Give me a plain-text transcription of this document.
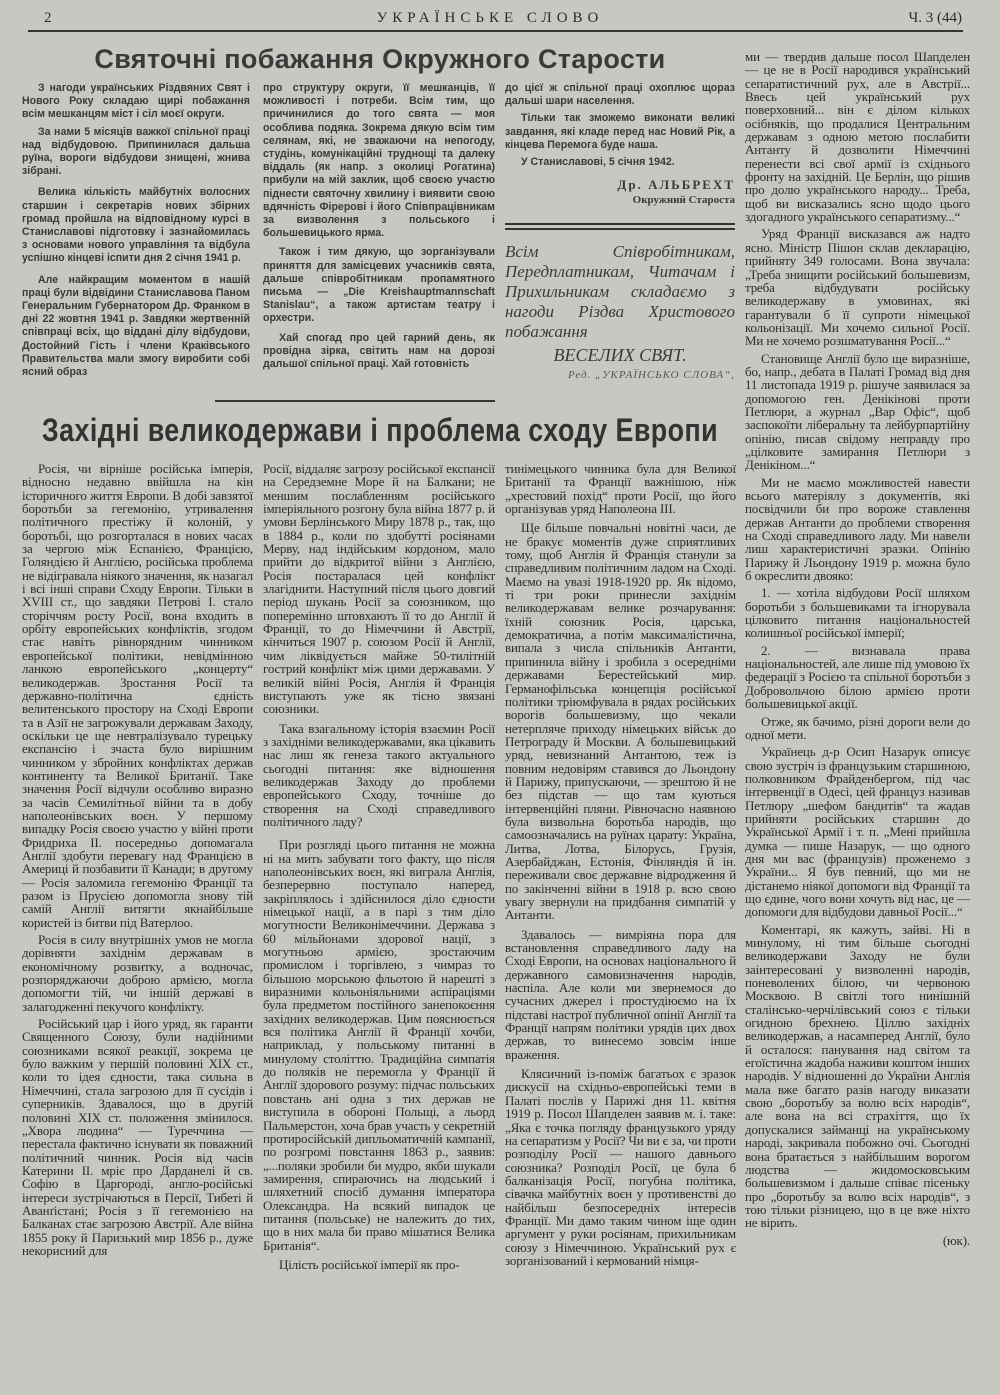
2	УКРАЇНСЬКЕ СЛОВО	Ч. 3 (44)
Святочні побажання Окружного Старости

З нагоди українських Різдвяних Свят і Нового Року складаю щирі побажання всім мешканцям міст і сіл моєї округи.

За нами 5 місяців важкої спільної праці над відбудовою. Припинилася дальша руїна, вороги відбудови знищені, жнива зібрані.

Велика кількість майбутніх волосних старшин і секретарів нових збірних громад пройшла на відповідному курсі в Станиславові підготовку і зазнайомилась з основами нового управління та відбула успішно кінцеві іспити дня 2 січня 1941 р.

Але найкращим моментом в нашій праці були відвідини Станиславова Паном Генеральним Губернатором Др. Франком в дні 22 жовтня 1941 р. Завдяки жертвенній співпраці всіх, що віддані ділу відбудови, Достойний Гість і члени Краківського Правительства мали змогу виробити собі ясний образ

про структуру округи, її мешканців, її можливості і потреби. Всім тим, що причинилися до того свята — моя особлива подяка. Зокрема дякую всім тим селянам, які, не зважаючи на непогоду, студінь, комунікаційні труднощі та далеку віддаль (як напр. з околиці Рогатина) прибули на мій заклик, щоб своєю участю піднести святочну хвилину і виявити свою вдячність Фірерові і його Співпрацівникам за визволення з польського і большевицького ярма.

Також і тим дякую, що зорганізували приняття для замісцевих учасників свята, дальше співробітникам пропамятного письма — „Die Kreishauptmannschaft Stanislau“, а також артистам театру і орхестри.

Хай спогад про цей гарний день, як провідна зірка, світить нам на дорозі дальшої спільної праці. Хай готовність

до цієї ж спільної праці охоплює щораз дальші шари населення.

Тільки так зможемо виконати великі завдання, які кладе перед нас Новий Рік, а кінцева Перемога буде наша.

У Станиславові, 5 січня 1942.

Др. АЛЬБРЕХТ
Окружний Староста
Всім Співробітникам, Передплатникам, Читачам і Прихильникам складаємо з нагоди Різдва Христового побажання
ВЕСЕЛИХ СВЯТ.
Ред. „УКРАЇНСЬКО СЛОВА“,
Західні великодержави і проблема сходу Европи

Росія, чи вірніше російська імперія, відносно недавно ввійшла на кін історичного життя Европи. В добі завзятої боротьби за гегемонію, утривалення політичного престіжу й колоній, у боротьбі, що розгорталася в нових часах за чергою між Еспанією, Францією, Голяндією й Англією, російська проблема не відігравала ніякого значення, як назагал і всі інші справи Сходу Европи. Тільки в XVIII ст., що завдяки Петрові І. стало сторіччям росту Росії, вона входить в орбіту европейських конфліктів, згодом стає навіть рівнорядним чинником европейської політики, невідмінною ланкою европейського „концерту“ великодержав. Зростання Росії та державно-політична єдність велитенського простору на Сході Европи та в Азії не загрожували державам Заходу, оскільки це ще невтралізувало турецьку експансію і зчаста було вирішним чинником у збройних конфліктах держав континенту та Великої Британії. Таке значення Росії відчули особливо виразно за часів Семилітньої війни та в добу наполеонівських воєн. У першому випадку Росія своєю участю у війні проти Фридриха II. посередньо допомагала Англії здобути перевагу над Францією в Америці й позбавити її Канади; в другому — Росія заломила гегемонію Франції та разом із Прусією допомогла знову тій самій Англії витягти якнайбільше користей із битви під Ватерлоо.

Росія в силу внутрішніх умов не могла дорівняти західнім державам в економічному розвитку, а водночас, розпоряджаючи доброю армією, могла допомогти тій, чи іншій державі в залагодженні пекучого конфлікту.

Російський цар і його уряд, як гаранти Священного Союзу, були надійними союзниками всякої реакції, зокрема це було важким у першій половині XIX ст., коли то ідея єдности, така сильна в Німеччині, стала загрозою для її сусідів і суперників. Здавалося, що в другій половині XIX ст. положення змінилося. „Хвора людина“ — Туреччина — перестала фактично існувати як поважний політичний чинник. Росія від часів Катерини II. мріє про Дарданелі й св. Софію в Царгороді, англо-російські інтереси зустрічаються в Персії, Тибеті й Аванґістані; Росія з її гегемонією на Балканах стає загрозою Австрії. Але війна 1855 року й Паризький мир 1856 р., дуже некорисний для

Росії, віддаляє загрозу російської експансії на Середземне Море й на Балкани; не меншим послабленням російського імперіяльного розгону була війна 1877 р. й умови Берлінського Миру 1878 р., так, що в 1884 р., коли по здобутті росіянами Мерву, над індійським кордоном, мало прийти до відкритої війни з Англією, Росія постаралася цей конфлікт злагіднити. Наступний після цього довгий період шукань Росії за союзником, що поперемінно штовхають її то до Англії й Франції, то до Німеччини й Австрії, кінчиться 1907 р. союзом Росії й Англії, чим ліквідується майже 50-тилітній гострий конфлікт між цими державами. У великій війні Росія, Англія й Франція виступають уже як тісно звязані союзники.

Така взагальному історія взаємин Росії з західніми великодержавами, яка цікавить нас лиш як генеза такого актуального сьогодні питання: яке відношення великодержав Заходу до проблеми европейського Сходу, точніше до створення на Сході справедливого політичного ладу?

При розгляді цього питання не можна ні на мить забувати того факту, що після наполеонівських воєн, які виграла Англія, безперервно поступало наперед, закріплялось і здійснилося діло єдности німецької нації, а в парі з тим діло могутности Великонімеччини. Держава з 60 мільйонами здорової нації, з могутньою армією, зростаючим промислом і торгівлею, з чимраз то більшою морською фльотою й нарешті з виразними кольоніяльними аспіраціями була предметом постійного занепокоєння західних великодержав. Цим пояснюється вся політика Англії й Франції хочби, наприклад, у польському питанні в минулому століттю. Традиційна симпатія до поляків не перемогла у Франції й Англії здорового розуму: підчас польських повстань ані одна з тих держав не виступила в обороні Польщі, а льорд Пальмерстон, хоча брав участь у секретній протиросійській дипльоматичній кампанії, по розгромі повстання 1863 р., заявив: „...поляки зробили би мудро, якби шукали замирення, спираючись на людський і шляхетний спосіб думання імператора Олександра. На всякий випадок це питання (польське) не належить до тих, що в них мала би право мішатися Велика Британія“.

Цілість російської імперії як про-

тинімецького чинника була для Великої Британії та Франції важнішою, ніж „хрестовий похід“ проти Росії, що його організував уряд Наполеона III.

Ще більше повчальні новітні часи, де не бракує моментів дуже сприятливих тому, щоб Англія й Франція станули за справедливим політичним ладом на Сході. Маємо на увазі 1918-1920 рр. Як відомо, ті три роки принесли західнім великодержавам велике розчарування: їхній союзник Росія, царська, демократична, а потім максималістична, випала з числа спільників Антанти, припинила війну і зробила з осередніми державами Берестейський мир. Германофільська концепція російської політики тріюмфувала в рядах російських ворогів большевизму, що чекали нетерпляче приходу німецьких військ до Петрограду й Москви. А большевицький уряд, невизнаний Антантою, теж із повним недовірям ставився до Льондону й Парижу, припускаючи, — зрештою й не без підстав — що там куються інтервенційні пляни. Рівночасно наявною була визвольна боротьба народів, що самоозначались на руїнах царату: Україна, Литва, Лотва, Білорусь, Грузія, Азербайджан, Естонія, Фінляндія й ін. переживали своє державне відродження й по закінченні війни в 1918 р. всю свою увагу звернули на придбання симпатій у Антанти.

Здавалось — вимріяна пора для встановлення справедливого ладу на Сході Европи, на основах національного й державного самовизначення народів, наспіла. Але коли ми звернемося до сучасних джерел і простудіюємо на їх підставі настрої публичної опінії Англії та Франції напрям політики урядів цих двох держав, то винесемо зовсім інше враження.

Клясичний із-поміж багатьох є зразок дискусії на східньо-европейські теми в Палаті послів у Парижі дня 11. квітня 1919 р. Посол Шапделен заявив м. і. таке: „Яка є точка погляду французького уряду на сепаратизм у Росії? Чи ви є за, чи проти розподілу Росії — нашого давнього союзника? Розподіл Росії, це була б балканізація Росії, погубна політика, сівачка майбутніх воєн у противенстві до найбільш безпосередніх інтересів Франції. Ми дамо таким чином іще один аргумент у руки росіянам, прихильникам союзу з Німеччиною. Український рух є зорганізований і кермований німця-

ми — твердив дальше посол Шапделен — це не в Росії народився український сепаратистичний рух, але в Австрії... Ввесь цей український рух поверховний... він є ділом кількох осібняків, що продалися Центральним державам з одною метою послабити Антанту й дозволити Німеччині перенести всі свої армії із східнього фронту на західній. Це Берлін, що рішив про долю українського народу... Треба, щоб ви висказались ясно щодо цього здогадного українського сепаратизму...“

Уряд Франції висказався аж надто ясно. Міністр Пішон склав декларацію, прийняту 349 голосами. Вона звучала: „Треба знищити російський большевизм, треба відбудувати російську великодержаву в умовинах, які гарантували б її супроти німецької кольонізації. Ми хочемо сильної Росії. Ми не хочемо розшматування Росії...“

Становище Англії було ще виразніше, бо, напр., дебата в Палаті Громад від дня 11 листопада 1919 р. рішуче заявилася за допомогою ген. Денікінові проти Петлюри, а журнал „Вар Офіс“, щоб заспокоїти ліберальну та лейбурпартійну опінію, писав свідому неправду про „цілковите замирання Петлюри з Денікіном...“

Ми не маємо можливостей навести всього матеріялу з документів, які посвідчили би про вороже ставлення держав Антанти до проблеми створення на Сході справедливого ладу. Ми навели лиш характеристичні зразки. Опінію Парижу й Льондону 1919 р. можна було б окреслити двояко:

1. — хотіла відбудови Росії шляхом боротьби з большевиками та ігнорувала цілковито питання національностей колишньої російської імперії;

2. — визнавала права національностей, але лише під умовою їх федерації з Росією та спільної боротьби з Добровольчою білою армією проти большевицької акції.

Отже, як бачимо, різні дороги вели до одної мети.

Українець д-р Осип Назарук описує свою зустріч із французьким старшиною, полковником Фрайденбергом, під час інтервенції в Одесі, цей француз називав Петлюру „шефом бандитів“ та жадав прийняти російських старшин до Української Армії і т. п. „Мені прийшла думка — пише Назарук, — що одного дня ми вас (французів) проженемо з України... Я був певний, що ми не дістанемо ніякої допомоги від Франції та що єдине, чого вони хочуть від нас, це — допомоги для відбудови давньої Росії...“

Коментарі, як кажуть, зайві. Ні в минулому, ні тим більше сьогодні великодержави Заходу не були заінтересовані у визволенні народів, поневолених білою, чи червоною Москвою. В світлі того нинішній сталінсько-черчілівський союз є тільки огидною брехнею. Ціллю західніх великодержав, а насамперед Англії, було й осталося: панування над світом та егоїстична жадоба наживи коштом інших народів. У відношенні до України Англія мала вже багато разів нагоду виказати свою „боротьбу за волю всіх народів“, але вона на всі страхіття, що їх допускалися займанці на українському народі, закривала побожно очі. Сьогодні вона братається з найбільшим ворогом людства — жидомосковським большевизмом і дальше співає пісеньку про „боротьбу за волю всіх народів“, з тою тільки різницею, що в це вже ніхто не вірить.

(юк).
